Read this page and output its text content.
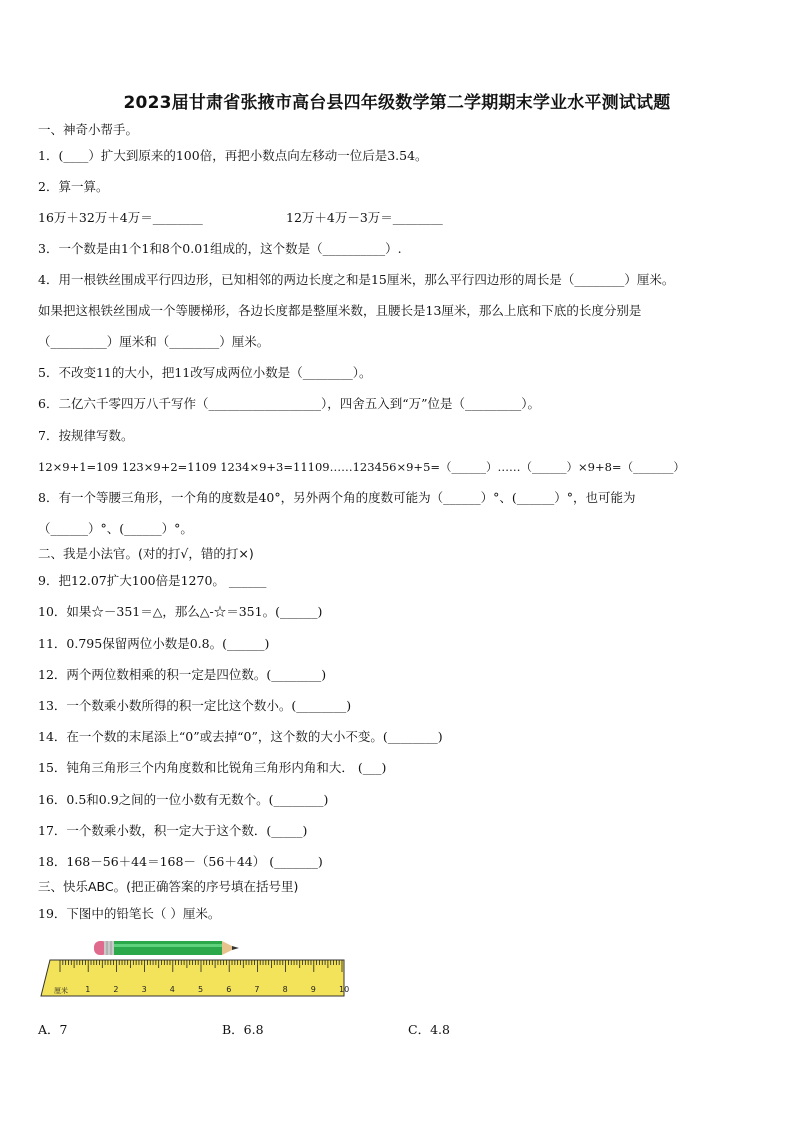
2023届甘肃省张掖市高台县四年级数学第二学期期末学业水平测试试题
一、神奇小帮手。
1．(____）扩大到原来的100倍，再把小数点向左移动一位后是3.54。
2．算一算。
16万＋32万＋4万＝________	12万＋4万－3万＝________
3．一个数是由1个1和8个0.01组成的，这个数是（__________）.
4．用一根铁丝围成平行四边形，已知相邻的两边长度之和是15厘米，那么平行四边形的周长是（________）厘米。
如果把这根铁丝围成一个等腰梯形，各边长度都是整厘米数，且腰长是13厘米，那么上底和下底的长度分别是
（_________）厘米和（________）厘米。
5．不改变11的大小，把11改写成两位小数是（________）。
6．二亿六千零四万八千写作（__________________），四舍五入到“万”位是（_________）。
7．按规律写数。
12×9+1=109 123×9+2=1109 1234×9+3=11109……123456×9+5=（______）……（______）×9+8=（_______）
8．有一个等腰三角形，一个角的度数是40°，另外两个角的度数可能为（______）°、(______）°，也可能为
（______）°、(______）°。
二、我是小法官。(对的打√，错的打×)
9．把12.07扩大100倍是1270。 ______
10．如果☆－351＝△，那么△-☆＝351。(______)
11．0.795保留两位小数是0.8。(______)
12．两个两位数相乘的积一定是四位数。(________)
13．一个数乘小数所得的积一定比这个数小。(________)
14．在一个数的末尾添上“0”或去掉“0”，这个数的大小不变。(________)
15．钝角三角形三个内角度数和比锐角三角形内角和大． (___)
16．0.5和0.9之间的一位小数有无数个。(________)
17．一个数乘小数，积一定大于这个数．(_____)
18．168－56＋44＝168－（56＋44） (_______)
三、快乐ABC。(把正确答案的序号填在括号里)
19．下图中的铅笔长（ ）厘米。
1	2	3	4	5	6	7	8	9	10
厘米
A．7	B．6.8	C．4.8
